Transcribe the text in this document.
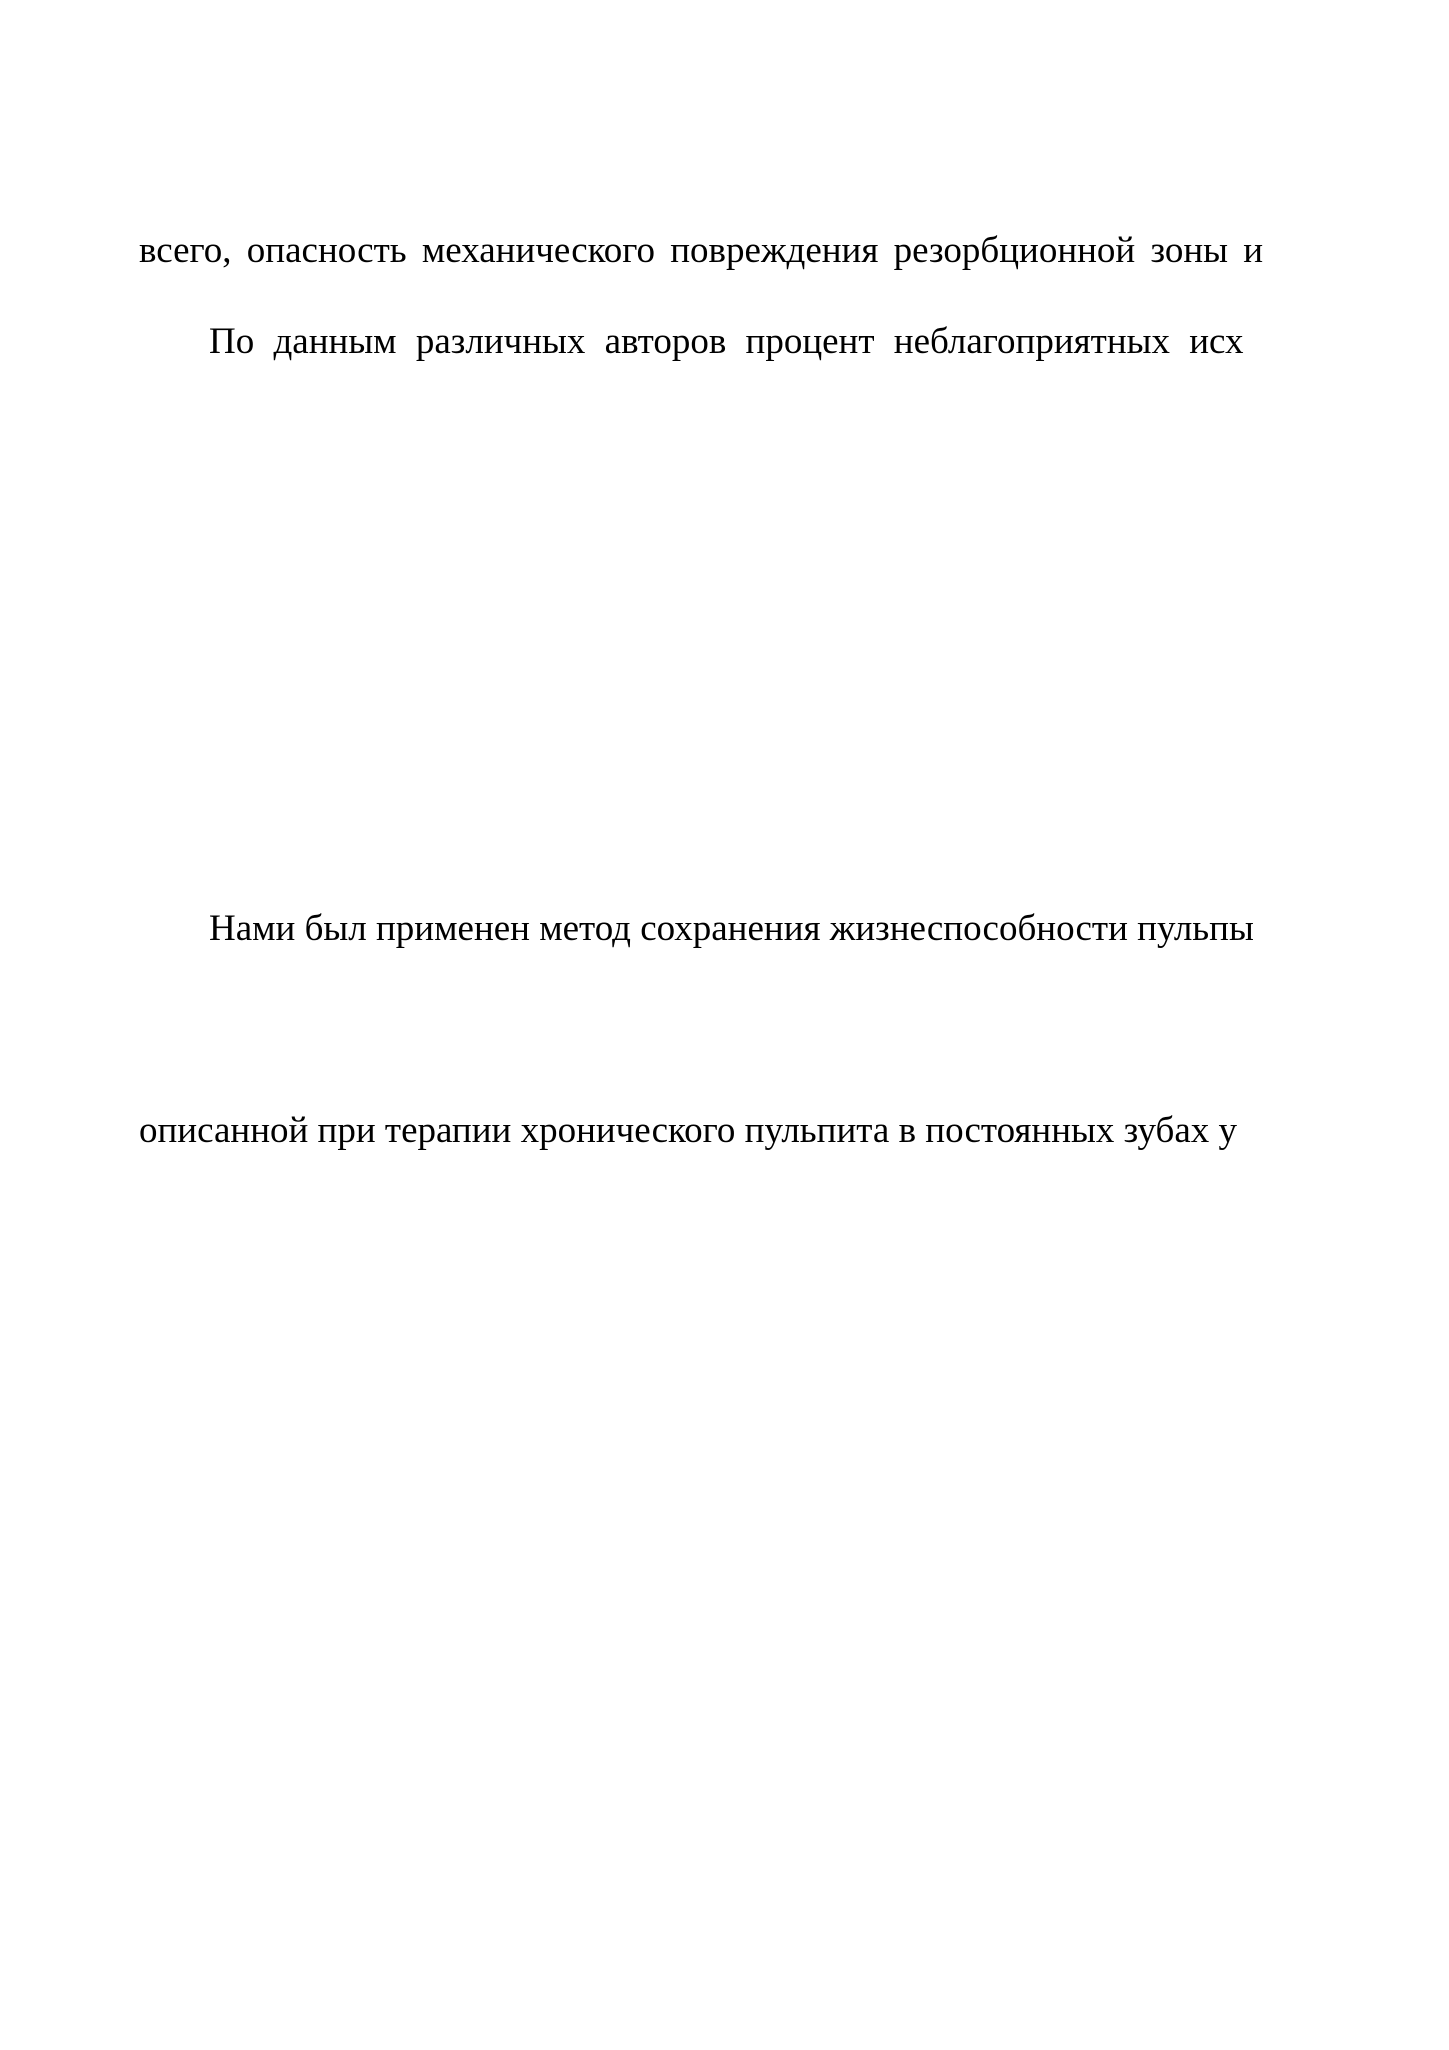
всего, опасность механического повреждения резорбционной зоны и
По данным различных авторов процент неблагоприятных исх
Нами был применен метод сохранения жизнеспособности пульпы
описанной при терапии хронического пульпита в постоянных зубах у
